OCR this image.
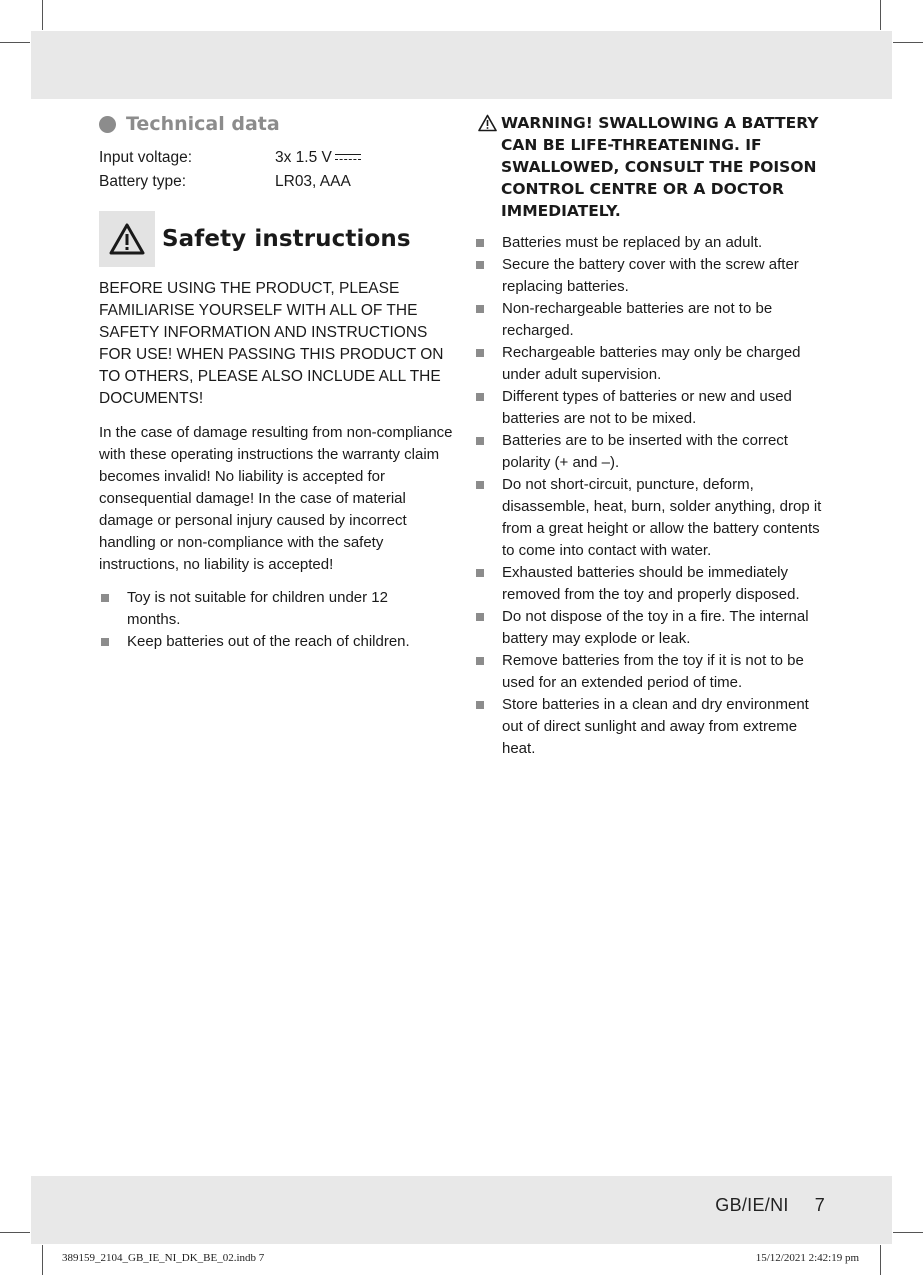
Technical data
Input voltage:	3x 1.5 V
Battery type:	LR03, AAA
Safety instructions
BEFORE USING THE PRODUCT, PLEASE FAMILIARISE YOURSELF WITH ALL OF THE SAFETY INFORMATION AND INSTRUCTIONS FOR USE! WHEN PASSING THIS PRODUCT ON TO OTHERS, PLEASE ALSO INCLUDE ALL THE DOCUMENTS!
In the case of damage resulting from non-compliance with these operating instructions the warranty claim becomes invalid! No liability is accepted for consequential damage! In the case of material damage or personal injury caused by incorrect handling or non-compliance with the safety instructions, no liability is accepted!
Toy is not suitable for children under 12 months.
Keep batteries out of the reach of children.
WARNING! SWALLOWING A BATTERY CAN BE LIFE-THREATENING. IF SWALLOWED, CONSULT THE POISON CONTROL CENTRE OR A DOCTOR IMMEDIATELY.
Batteries must be replaced by an adult.
Secure the battery cover with the screw after replacing batteries.
Non-rechargeable batteries are not to be recharged.
Rechargeable batteries may only be charged under adult supervision.
Different types of batteries or new and used batteries are not to be mixed.
Batteries are to be inserted with the correct polarity (+ and –).
Do not short-circuit, puncture, deform, disassemble, heat, burn, solder anything, drop it from a great height or allow the battery contents to come into contact with water.
Exhausted batteries should be immediately removed from the toy and properly disposed.
Do not dispose of the toy in a fire. The internal battery may explode or leak.
Remove batteries from the toy if it is not to be used for an extended period of time.
Store batteries in a clean and dry environment out of direct sunlight and away from extreme heat.
GB/IE/NI 7
389159_2104_GB_IE_NI_DK_BE_02.indb 7	15/12/2021 2:42:19 pm
